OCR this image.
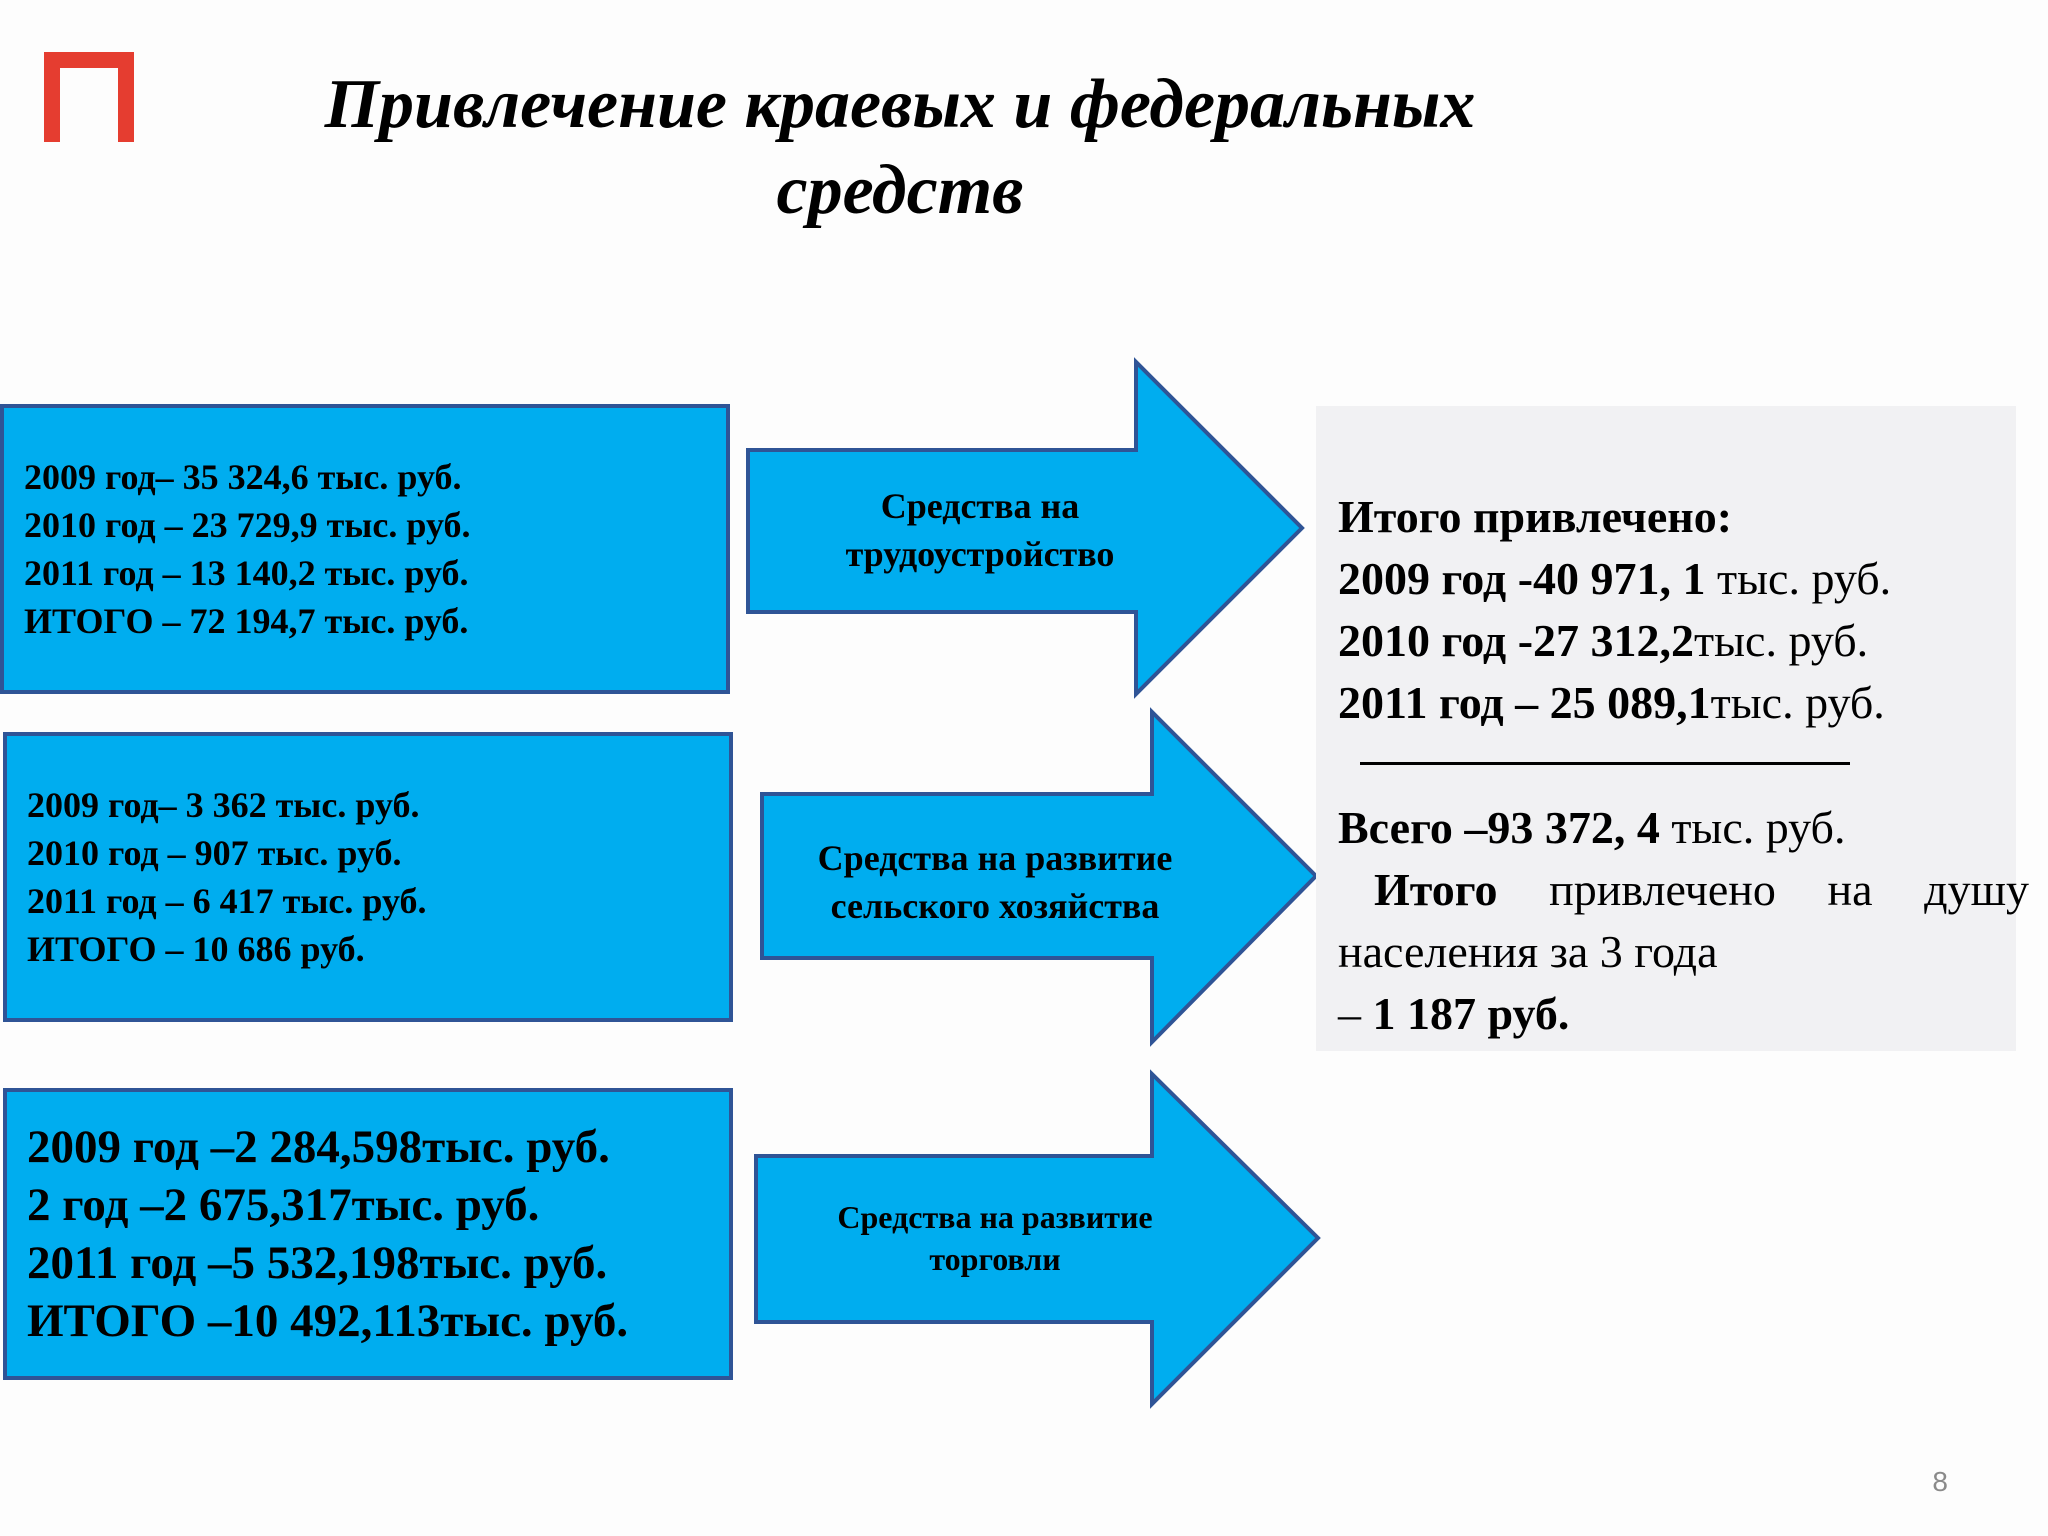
Привлечение краевых и федеральных
средств
2009 год– 35 324,6 тыс. руб.
2010 год – 23 729,9 тыс. руб.
2011 год – 13 140,2 тыс. руб.
ИТОГО – 72 194,7 тыс. руб.
2009 год– 3 362 тыс. руб.
2010 год – 907 тыс. руб.
2011 год – 6 417 тыс. руб.
ИТОГО – 10 686 руб.
2009 год –2 284,598тыс. руб.
2 год –2 675,317тыс. руб.
2011 год –5 532,198тыс. руб.
ИТОГО –10 492,113тыс. руб.
Средства на
трудоустройство
Средства на развитие
сельского хозяйства
Средства на развитие
торговли
Итого привлечено:
2009 год -40 971, 1 тыс. руб.
2010 год -27 312,2тыс. руб.
2011 год – 25 089,1тыс. руб.
Всего –93 372, 4 тыс. руб.
Итого привлечено на душу
населения за 3 года
– 1 187 руб.
8
